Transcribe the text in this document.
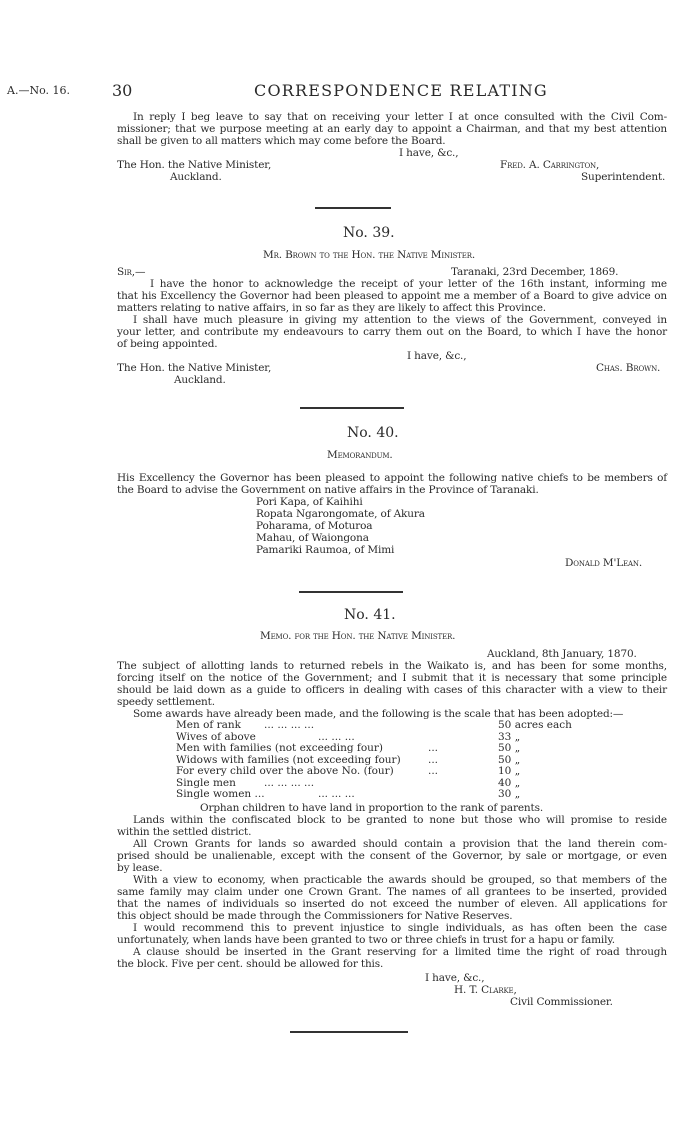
A.—No. 16.	30	CORRESPONDENCE RELATING
In reply I beg leave to say that on receiving your letter I at once consulted with the Civil Com-
missioner; that we purpose meeting at an early day to appoint a Chairman, and that my best attention
shall be given to all matters which may come before the Board.
I have, &c.,
The Hon. the Native Minister,	Fred. A. Carrington,
Auckland.	Superintendent.
No. 39.
Mr. Brown to the Hon. the Native Minister.
Sir,—	Taranaki, 23rd December, 1869.
I have the honor to acknowledge the receipt of your letter of the 16th instant, informing me
that his Excellency the Governor had been pleased to appoint me a member of a Board to give advice on
matters relating to native affairs, in so far as they are likely to affect this Province.
I shall have much pleasure in giving my attention to the views of the Government, conveyed in
your letter, and contribute my endeavours to carry them out on the Board, to which I have the honor
of being appointed.
I have, &c.,
The Hon. the Native Minister,	Chas. Brown.
Auckland.
No. 40.
Memorandum.
His Excellency the Governor has been pleased to appoint the following native chiefs to be members of
the Board to advise the Government on native affairs in the Province of Taranaki.
Pori Kapa, of Kaihihi
Ropata Ngarongomate, of Akura
Poharama, of Moturoa
Mahau, of Waiongona
Pamariki Raumoa, of Mimi
Donald M'Lean.
No. 41.
Memo. for the Hon. the Native Minister.
Auckland, 8th January, 1870.
The subject of allotting lands to returned rebels in the Waikato is, and has been for some months,
forcing itself on the notice of the Government; and I submit that it is necessary that some principle
should be laid down as a guide to officers in dealing with cases of this character with a view to their
speedy settlement.
Some awards have already been made, and the following is the scale that has been adopted:—
Men of rank ... ... ... ...	50 acres each
Wives of above	... ... ...	33 „
Men with families (not exceeding four)	...	50 „
Widows with families (not exceeding four)	...	50 „
For every child over the above No. (four)	...	10 „
Single men	... ... ... ...	40 „
Single women ...	... ... ...	30 „
Orphan children to have land in proportion to the rank of parents.
Lands within the confiscated block to be granted to none but those who will promise to reside
within the settled district.
All Crown Grants for lands so awarded should contain a provision that the land therein com-
prised should be unalienable, except with the consent of the Governor, by sale or mortgage, or even
by lease.
With a view to economy, when practicable the awards should be grouped, so that members of the
same family may claim under one Crown Grant. The names of all grantees to be inserted, provided
that the names of individuals so inserted do not exceed the number of eleven. All applications for
this object should be made through the Commissioners for Native Reserves.
I would recommend this to prevent injustice to single individuals, as has often been the case
unfortunately, when lands have been granted to two or three chiefs in trust for a hapu or family.
A clause should be inserted in the Grant reserving for a limited time the right of road through
the block. Five per cent. should be allowed for this.
I have, &c.,
H. T. Clarke,
Civil Commissioner.
